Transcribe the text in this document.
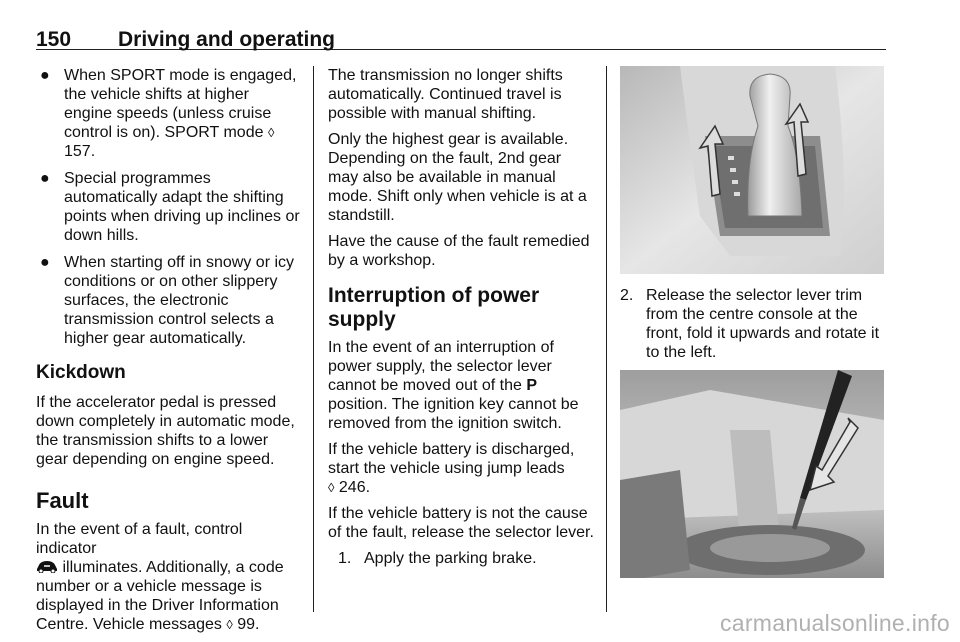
150 Driving and operating
● When SPORT mode is engaged, the vehicle shifts at higher engine speeds (unless cruise control is on). SPORT mode ◊ 157.
● Special programmes automatically adapt the shifting points when driving up inclines or down hills.
● When starting off in snowy or icy conditions or on other slippery surfaces, the electronic transmission control selects a higher gear automatically.
Kickdown
If the accelerator pedal is pressed down completely in automatic mode, the transmission shifts to a lower gear depending on engine speed.
Fault
In the event of a fault, control indicator
illuminates. Additionally, a code number or a vehicle message is displayed in the Driver Information Centre. Vehicle messages ◊ 99.
The transmission no longer shifts automatically. Continued travel is possible with manual shifting.
Only the highest gear is available. Depending on the fault, 2nd gear may also be available in manual mode. Shift only when vehicle is at a standstill.
Have the cause of the fault remedied by a workshop.
Interruption of power supply
In the event of an interruption of power supply, the selector lever cannot be moved out of the P position. The ignition key cannot be removed from the ignition switch.
If the vehicle battery is discharged, start the vehicle using jump leads
◊ 246.
If the vehicle battery is not the cause of the fault, release the selector lever.
1. Apply the parking brake.
2. Release the selector lever trim from the centre console at the front, fold it upwards and rotate it to the left.
carmanualsonline.info
